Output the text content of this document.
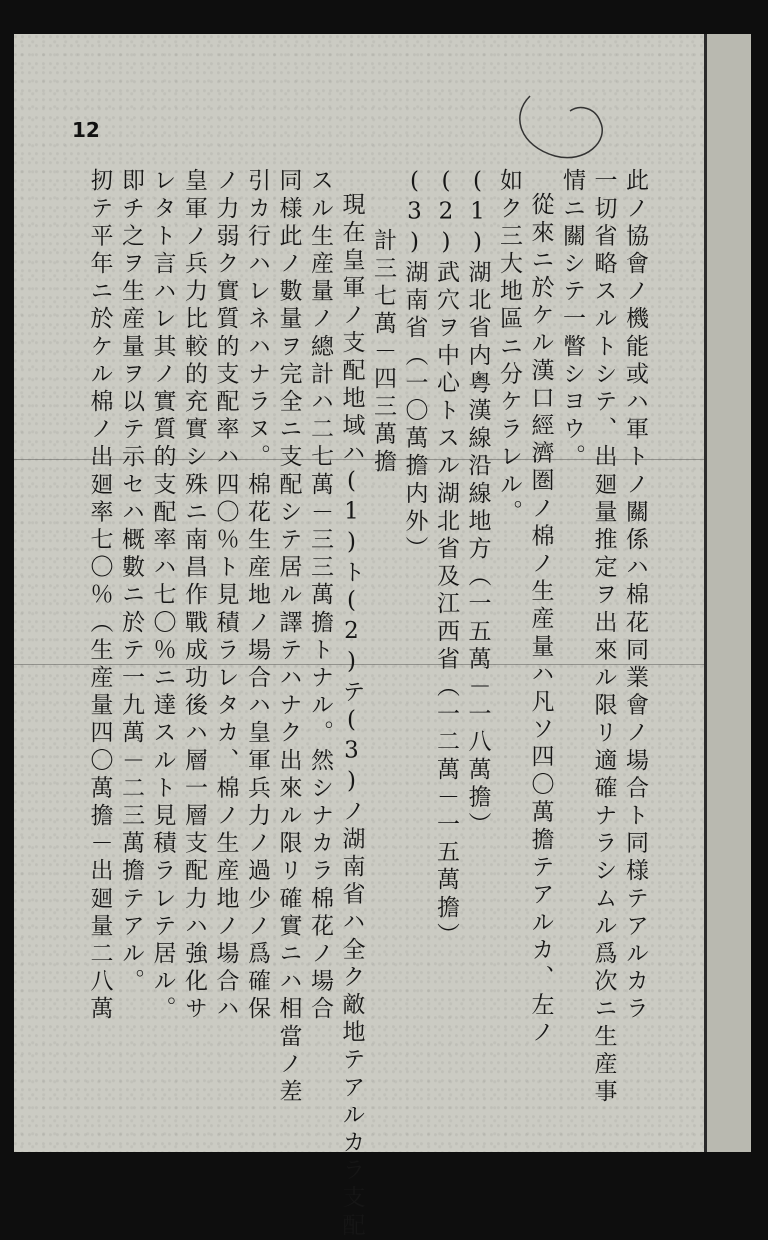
12
此ノ協會ノ機能或ハ軍トノ關係ハ棉花同業會ノ場合ト同様テアルカラ
一切省略スルトシテ、出廻量推定ヲ出來ル限リ適確ナラシムル爲次ニ生産事
情ニ關シテ一瞥シヨウ。
從來ニ於ケル漢口經濟圏ノ棉ノ生産量ハ凡ソ四〇萬擔テアルカ、左ノ
如ク三大地區ニ分ケラレル。
(1)湖北省内粤漢線沿線地方（一五萬－一八萬擔）
(2)武穴ヲ中心トスル湖北省及江西省（一二萬－一五萬擔）
(3)湖南省（一〇萬擔内外）
計三七萬－四三萬擔
現在皇軍ノ支配地域ハ(1)ト(2)テ(3)ノ湖南省ハ全ク敵地テアルカラ支配
スル生産量ノ總計ハ二七萬－三三萬擔トナル。然シナカラ棉花ノ場合
同様此ノ數量ヲ完全ニ支配シテ居ル譯テハナク出來ル限リ確實ニハ相當ノ差
引カ行ハレネハナラヌ。棉花生産地ノ場合ハ皇軍兵力ノ過少ノ爲確保
ノ力弱ク實質的支配率ハ四〇％ト見積ラレタカ、棉ノ生産地ノ場合ハ
皇軍ノ兵力比較的充實シ殊ニ南昌作戰成功後ハ層一層支配力ハ強化サ
レタト言ハレ其ノ實質的支配率ハ七〇％ニ達スルト見積ラレテ居ル。
即チ之ヲ生産量ヲ以テ示セハ概數ニ於テ一九萬－二三萬擔テアル。
扨テ平年ニ於ケル棉ノ出廻率七〇％（生産量四〇萬擔－出廻量二八萬
